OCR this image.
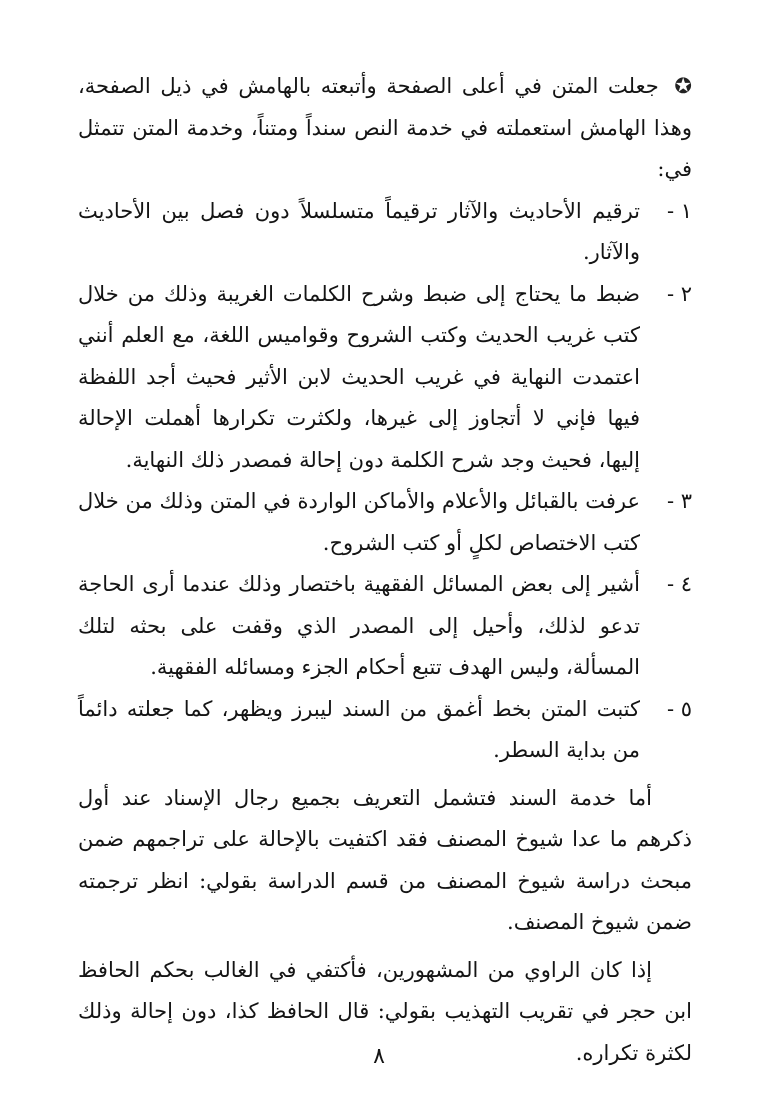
✪ جعلت المتن في أعلى الصفحة وأتبعته بالهامش في ذيل الصفحة، وهذا الهامش استعملته في خدمة النص سنداً ومتناً، وخدمة المتن تتمثل في:

١ -
ترقيم الأحاديث والآثار ترقيماً متسلسلاً دون فصل بين الأحاديث والآثار.

٢ -
ضبط ما يحتاج إلى ضبط وشرح الكلمات الغريبة وذلك من خلال كتب غريب الحديث وكتب الشروح وقواميس اللغة، مع العلم أنني اعتمدت النهاية في غريب الحديث لابن الأثير فحيث أجد اللفظة فيها فإني لا أتجاوز إلى غيرها، ولكثرت تكرارها أهملت الإحالة إليها، فحيث وجد شرح الكلمة دون إحالة فمصدر ذلك النهاية.

٣ -
عرفت بالقبائل والأعلام والأماكن الواردة في المتن وذلك من خلال كتب الاختصاص لكلٍ أو كتب الشروح.

٤ -
أشير إلى بعض المسائل الفقهية باختصار وذلك عندما أرى الحاجة تدعو لذلك، وأحيل إلى المصدر الذي وقفت على بحثه لتلك المسألة، وليس الهدف تتبع أحكام الجزء ومسائله الفقهية.

٥ -
كتبت المتن بخط أغمق من السند ليبرز ويظهر، كما جعلته دائماً من بداية السطر.

أما خدمة السند فتشمل التعريف بجميع رجال الإسناد عند أول ذكرهم ما عدا شيوخ المصنف فقد اكتفيت بالإحالة على تراجمهم ضمن مبحث دراسة شيوخ المصنف من قسم الدراسة بقولي: انظر ترجمته ضمن شيوخ المصنف.

إذا كان الراوي من المشهورين، فأكتفي في الغالب بحكم الحافظ ابن حجر في تقريب التهذيب بقولي: قال الحافظ كذا، دون إحالة وذلك لكثرة تكراره.

٨
